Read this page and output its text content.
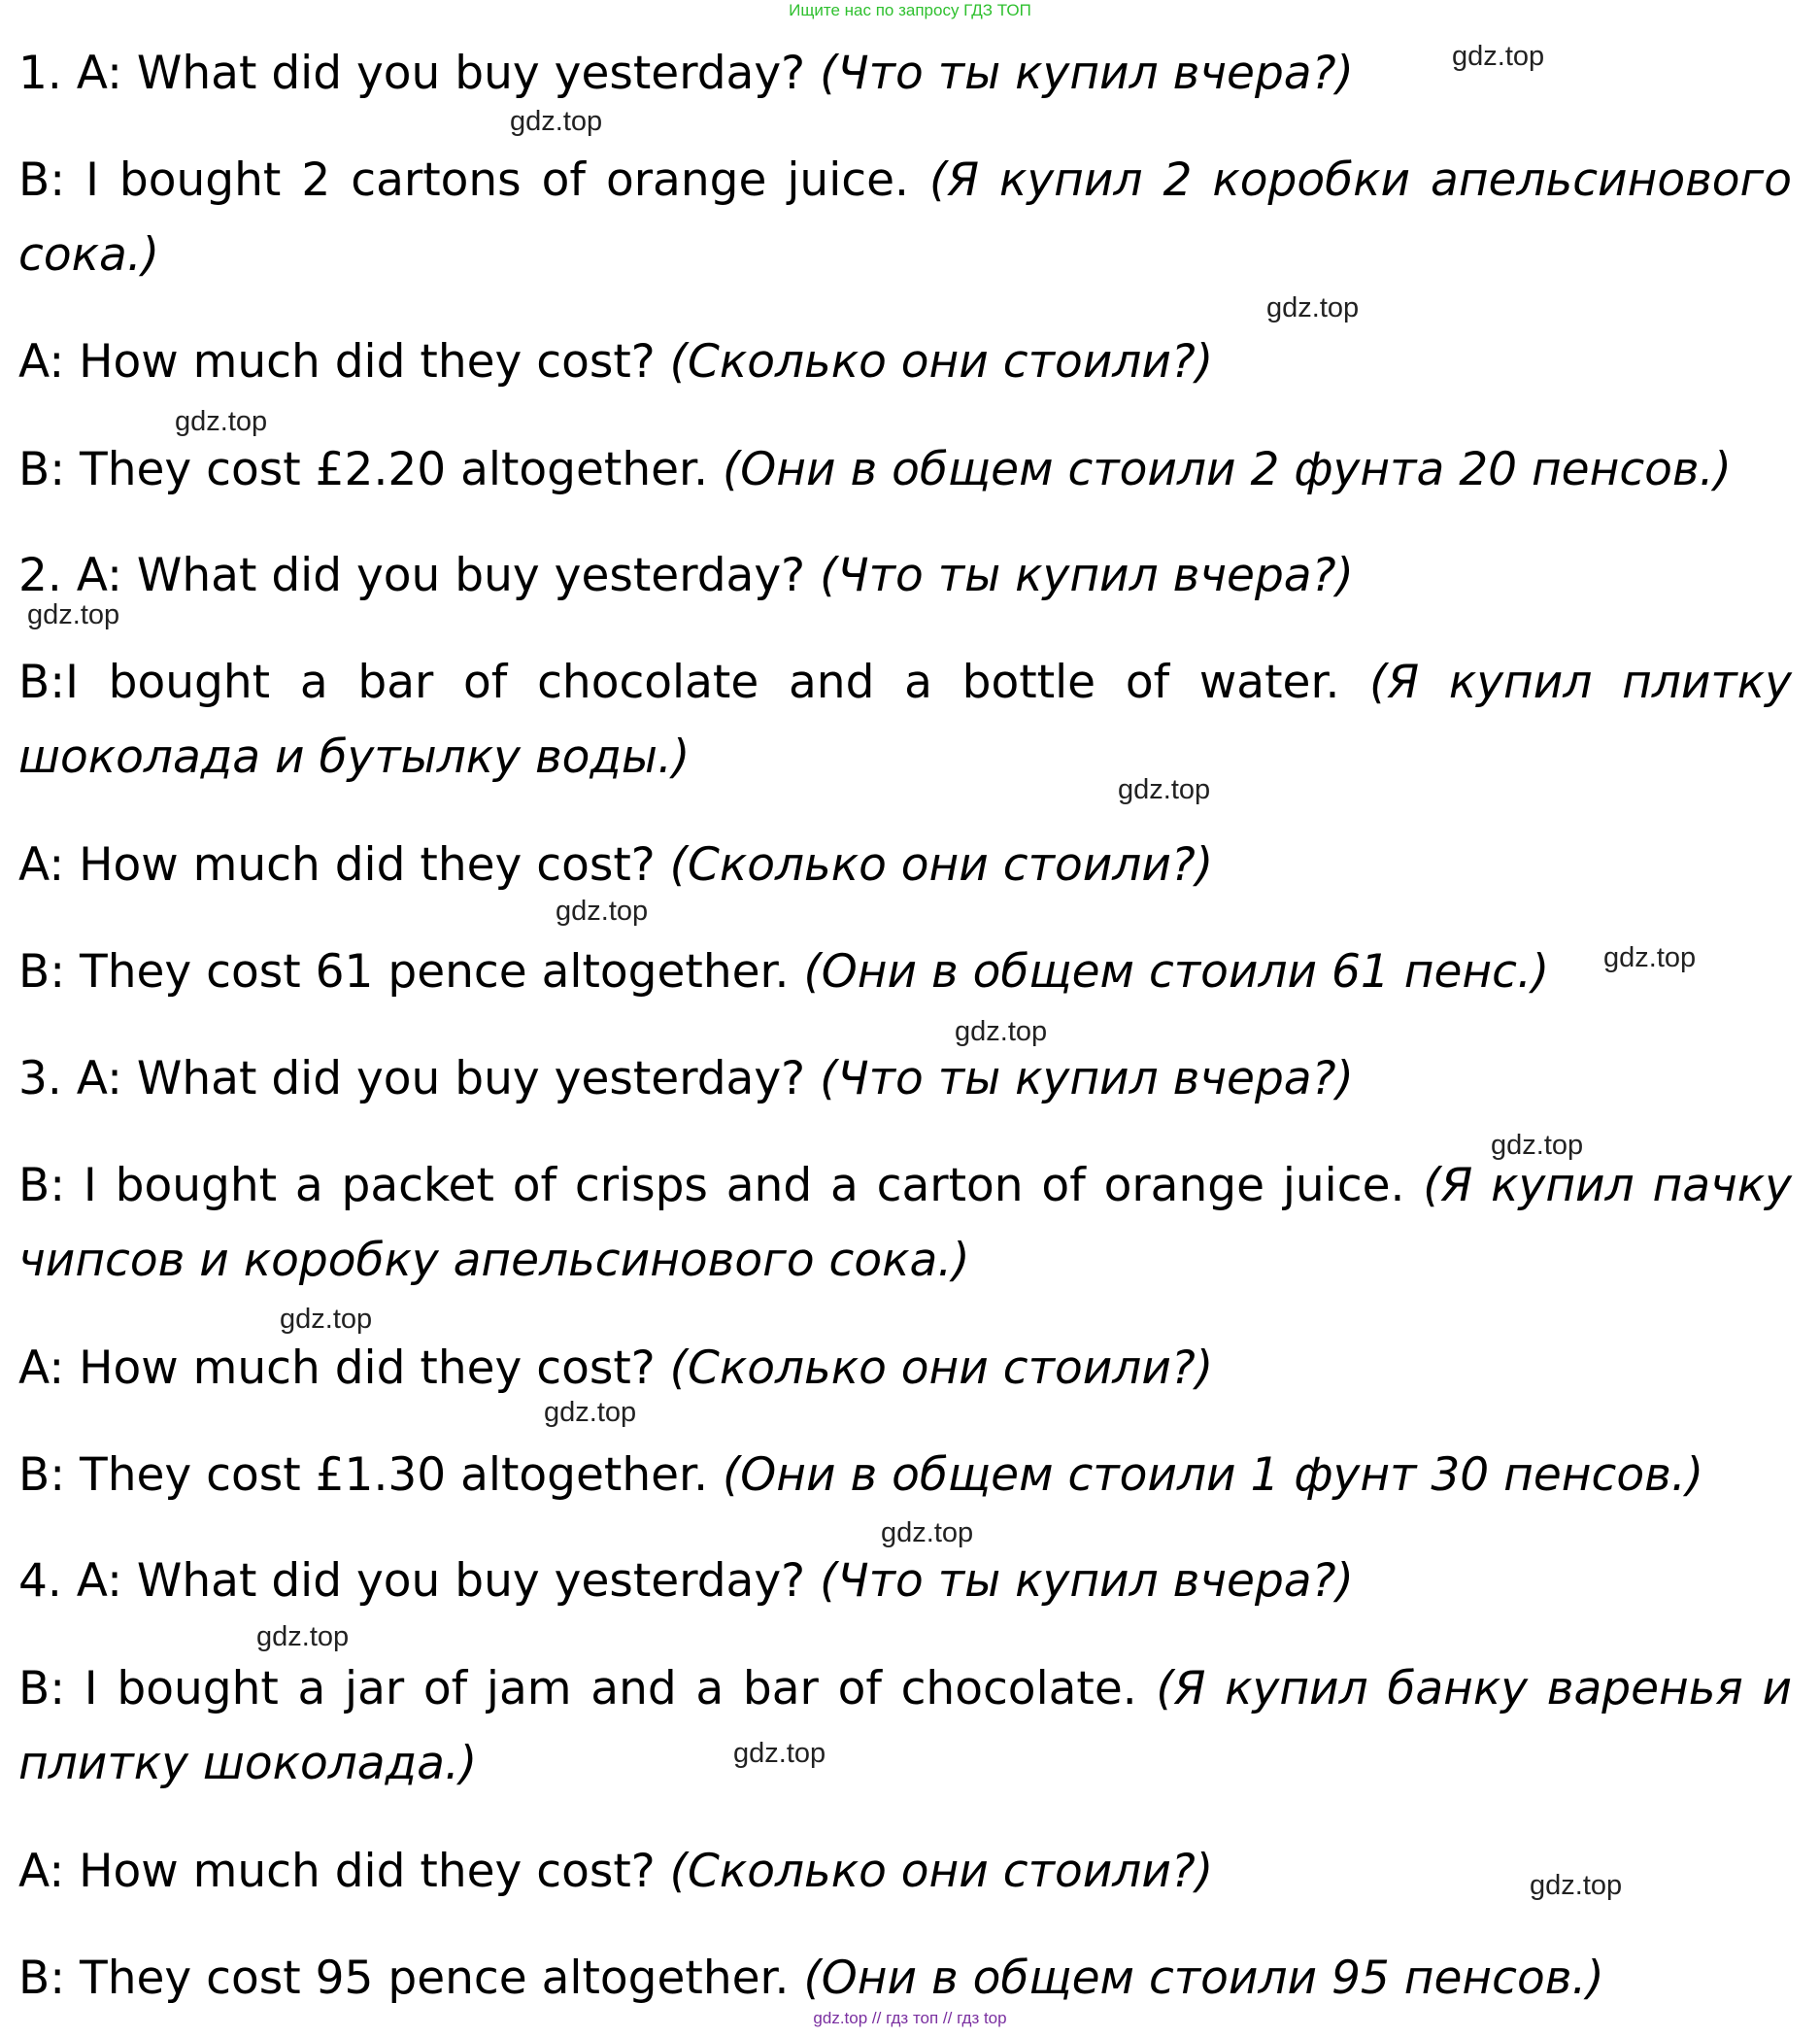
Ищите нас по запросу ГДЗ ТОП
1. A: What did you buy yesterday? (Что ты купил вчера?)
B: I bought 2 cartons of orange juice. (Я купил 2 коробки апельсинового
сока.)
A: How much did they cost? (Сколько они стоили?)
B: They cost £2.20 altogether. (Они в общем стоили 2 фунта 20 пенсов.)
2. A: What did you buy yesterday? (Что ты купил вчера?)
B:I bought a bar of chocolate and a bottle of water. (Я купил плитку
шоколада и бутылку воды.)
A: How much did they cost? (Сколько они стоили?)
B: They cost 61 pence altogether. (Они в общем стоили 61 пенс.)
3. A: What did you buy yesterday? (Что ты купил вчера?)
B: I bought a packet of crisps and a carton of orange juice. (Я купил пачку
чипсов и коробку апельсинового сока.)
A: How much did they cost? (Сколько они стоили?)
B: They cost £1.30 altogether. (Они в общем стоили 1 фунт 30 пенсов.)
4. A: What did you buy yesterday? (Что ты купил вчера?)
B: I bought a jar of jam and a bar of chocolate. (Я купил банку варенья и
плитку шоколада.)
A: How much did they cost? (Сколько они стоили?)
B: They cost 95 pence altogether. (Они в общем стоили 95 пенсов.)
gdz.top
gdz.top
gdz.top
gdz.top
gdz.top
gdz.top
gdz.top
gdz.top
gdz.top
gdz.top
gdz.top
gdz.top
gdz.top
gdz.top
gdz.top
gdz.top
gdz.top // гдз топ // гдз top
